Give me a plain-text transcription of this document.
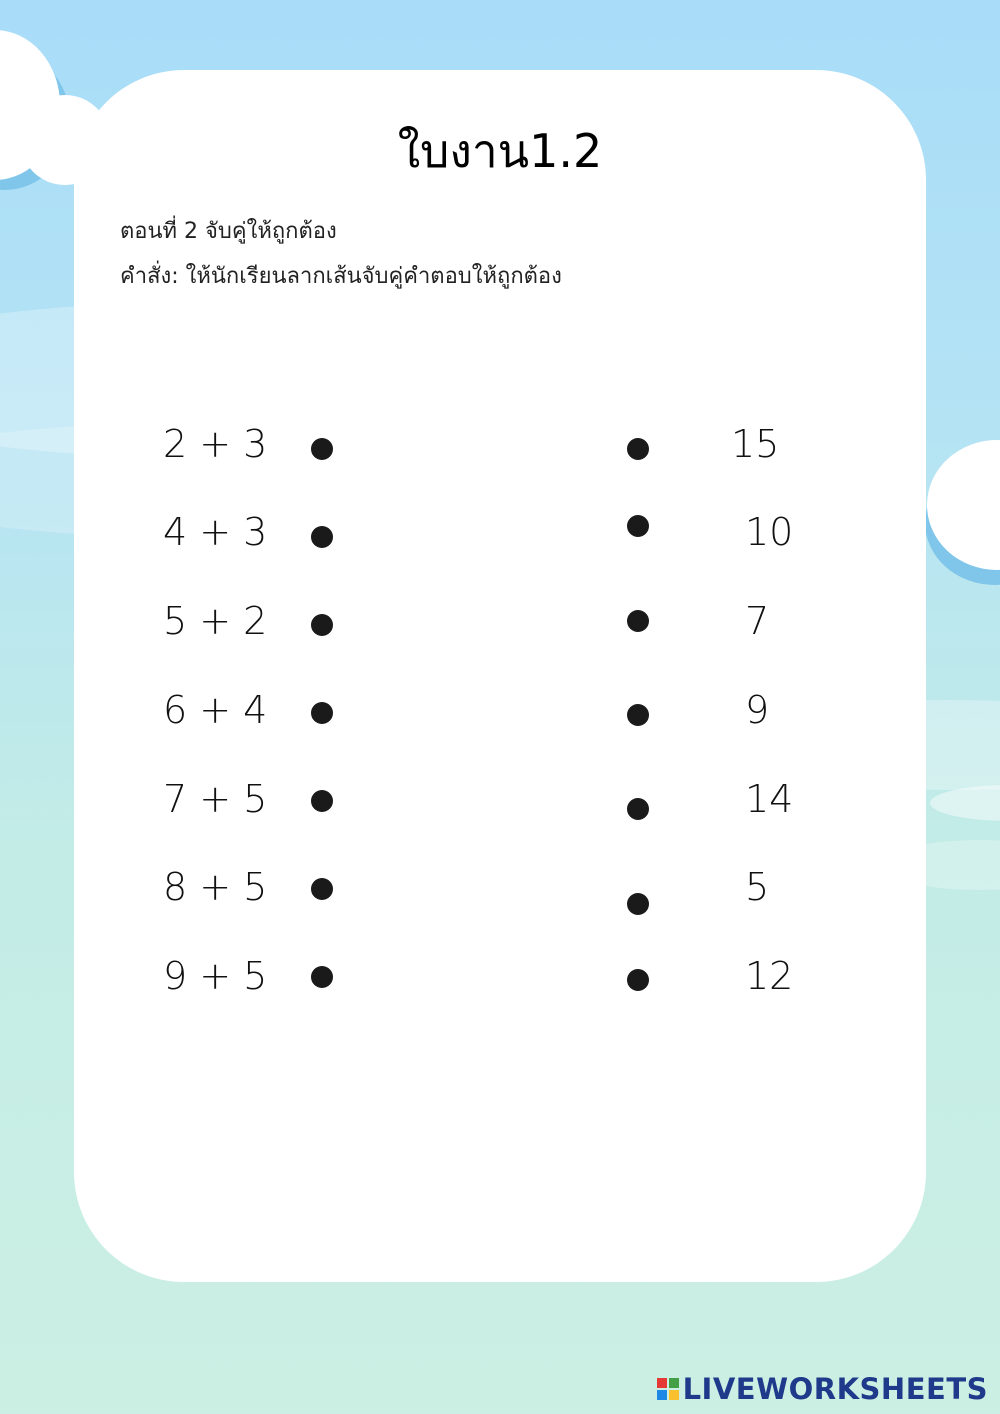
ใบงาน1.2
ตอนที่ 2 จับคู่ให้ถูกต้อง
คำสั่ง: ให้นักเรียนลากเส้นจับคู่คำตอบให้ถูกต้อง
2 + 3
4 + 3
5 + 2
6 + 4
7 + 5
8 + 5
9 + 5
15
10
7
9
14
5
12
LIVEWORKSHEETS
